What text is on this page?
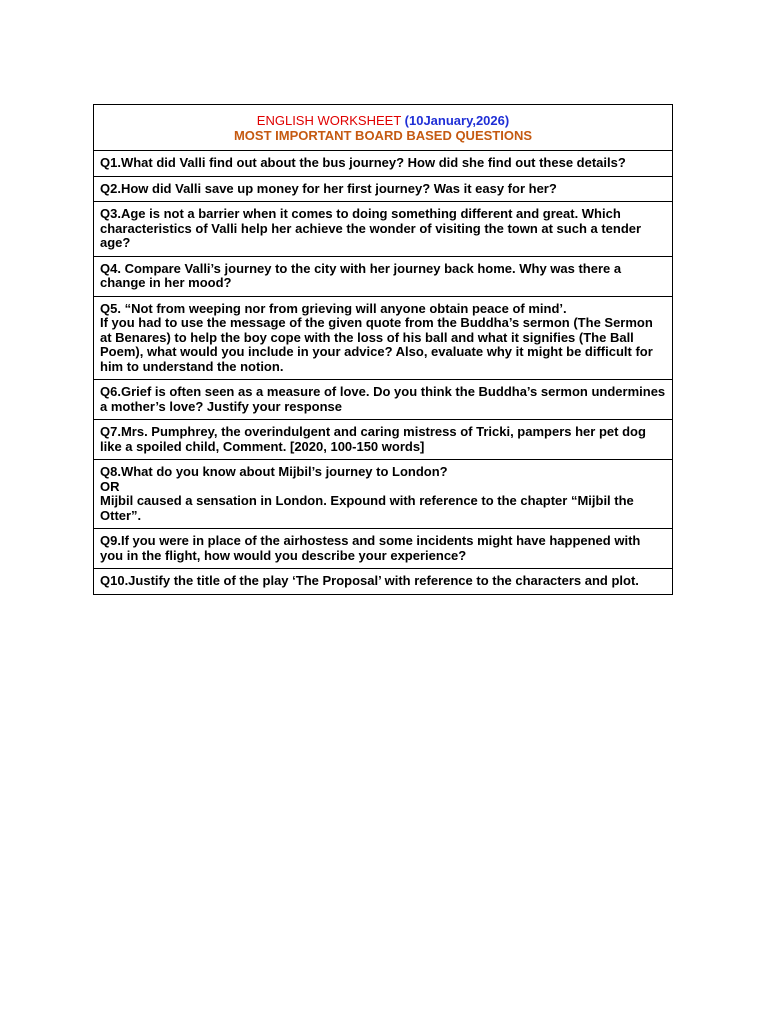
ENGLISH WORKSHEET (10January,2026)
MOST IMPORTANT BOARD BASED QUESTIONS

Q1.What did Valli find out about the bus journey? How did she find out these details?

Q2.How did Valli save up money for her first journey? Was it easy for her?

Q3.Age is not a barrier when it comes to doing something different and great. Which characteristics of Valli help her achieve the wonder of visiting the town at such a tender age?

Q4. Compare Valli’s journey to the city with her journey back home. Why was there a change in her mood?

Q5. “Not from weeping nor from grieving will anyone obtain peace of mind’.
If you had to use the message of the given quote from the Buddha’s sermon (The Sermon at Benares) to help the boy cope with the loss of his ball and what it signifies (The Ball Poem), what would you include in your advice? Also, evaluate why it might be difficult for him to understand the notion.

Q6.Grief is often seen as a measure of love. Do you think the Buddha’s sermon undermines a mother’s love? Justify your response

Q7.Mrs. Pumphrey, the overindulgent and caring mistress of Tricki, pampers her pet dog like a spoiled child, Comment. [2020, 100-150 words]

Q8.What do you know about Mijbil’s journey to London?
OR
Mijbil caused a sensation in London. Expound with reference to the chapter “Mijbil the Otter”.

Q9.If you were in place of the airhostess and some incidents might have happened with you in the flight, how would you describe your experience?

Q10.Justify the title of the play ‘The Proposal’ with reference to the characters and plot.
